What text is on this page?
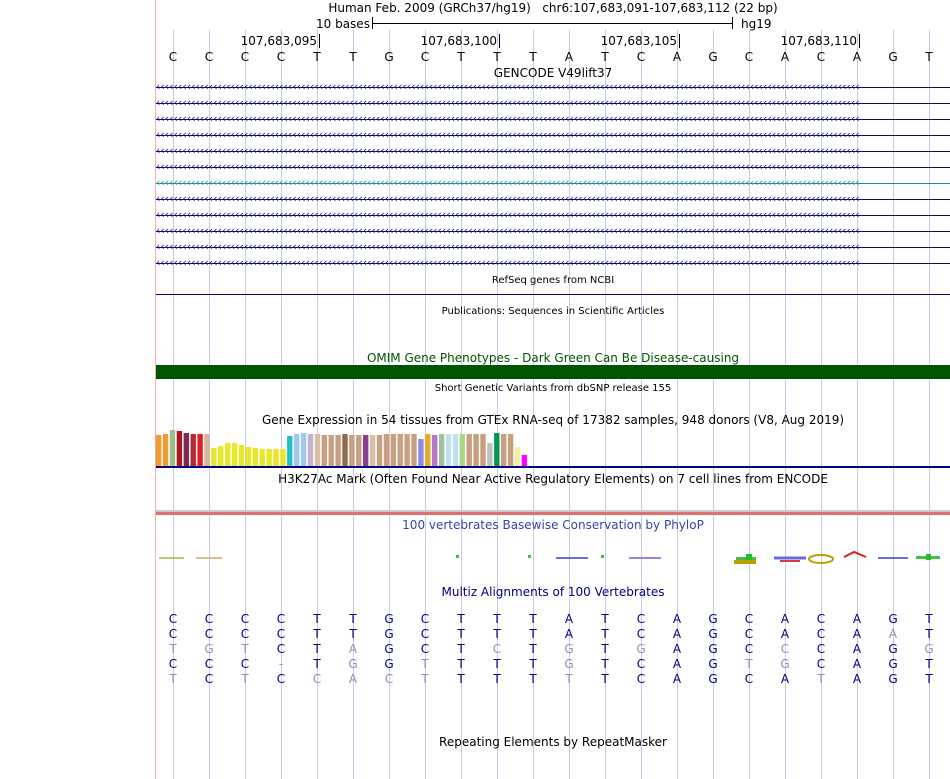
Human Feb. 2009 (GRCh37/hg19) chr6:107,683,091-107,683,112 (22 bp)
10 bases	hg19
107,683,095	107,683,100	107,683,105	107,683,110
C	C	C	C	T	T	G	C	T	T	T	A	T	C	A	G	C	A	C	A	G	T
GENCODE V49lift37
‹‹‹‹‹‹‹‹‹‹‹‹‹‹‹‹‹‹‹‹‹‹‹‹‹‹‹‹‹‹‹‹‹‹‹‹‹‹‹‹‹‹‹‹‹‹‹‹‹‹‹‹‹‹‹‹‹‹‹‹‹‹‹‹‹‹‹‹‹‹‹‹‹‹‹‹‹‹‹‹‹‹‹‹‹‹‹‹‹‹‹‹‹‹‹‹‹‹‹‹‹‹‹‹‹‹‹‹‹‹‹‹‹‹‹‹‹‹‹‹‹‹‹‹‹‹‹‹‹‹‹‹‹‹‹‹‹‹‹‹‹‹‹‹‹‹‹‹‹‹‹‹‹‹‹‹‹‹‹‹
‹‹‹‹‹‹‹‹‹‹‹‹‹‹‹‹‹‹‹‹‹‹‹‹‹‹‹‹‹‹‹‹‹‹‹‹‹‹‹‹‹‹‹‹‹‹‹‹‹‹‹‹‹‹‹‹‹‹‹‹‹‹‹‹‹‹‹‹‹‹‹‹‹‹‹‹‹‹‹‹‹‹‹‹‹‹‹‹‹‹‹‹‹‹‹‹‹‹‹‹‹‹‹‹‹‹‹‹‹‹‹‹‹‹‹‹‹‹‹‹‹‹‹‹‹‹‹‹‹‹‹‹‹‹‹‹‹‹‹‹‹‹‹‹‹‹‹‹‹‹‹‹‹‹‹‹‹‹‹‹
‹‹‹‹‹‹‹‹‹‹‹‹‹‹‹‹‹‹‹‹‹‹‹‹‹‹‹‹‹‹‹‹‹‹‹‹‹‹‹‹‹‹‹‹‹‹‹‹‹‹‹‹‹‹‹‹‹‹‹‹‹‹‹‹‹‹‹‹‹‹‹‹‹‹‹‹‹‹‹‹‹‹‹‹‹‹‹‹‹‹‹‹‹‹‹‹‹‹‹‹‹‹‹‹‹‹‹‹‹‹‹‹‹‹‹‹‹‹‹‹‹‹‹‹‹‹‹‹‹‹‹‹‹‹‹‹‹‹‹‹‹‹‹‹‹‹‹‹‹‹‹‹‹‹‹‹‹‹‹‹
‹‹‹‹‹‹‹‹‹‹‹‹‹‹‹‹‹‹‹‹‹‹‹‹‹‹‹‹‹‹‹‹‹‹‹‹‹‹‹‹‹‹‹‹‹‹‹‹‹‹‹‹‹‹‹‹‹‹‹‹‹‹‹‹‹‹‹‹‹‹‹‹‹‹‹‹‹‹‹‹‹‹‹‹‹‹‹‹‹‹‹‹‹‹‹‹‹‹‹‹‹‹‹‹‹‹‹‹‹‹‹‹‹‹‹‹‹‹‹‹‹‹‹‹‹‹‹‹‹‹‹‹‹‹‹‹‹‹‹‹‹‹‹‹‹‹‹‹‹‹‹‹‹‹‹‹‹‹‹‹
‹‹‹‹‹‹‹‹‹‹‹‹‹‹‹‹‹‹‹‹‹‹‹‹‹‹‹‹‹‹‹‹‹‹‹‹‹‹‹‹‹‹‹‹‹‹‹‹‹‹‹‹‹‹‹‹‹‹‹‹‹‹‹‹‹‹‹‹‹‹‹‹‹‹‹‹‹‹‹‹‹‹‹‹‹‹‹‹‹‹‹‹‹‹‹‹‹‹‹‹‹‹‹‹‹‹‹‹‹‹‹‹‹‹‹‹‹‹‹‹‹‹‹‹‹‹‹‹‹‹‹‹‹‹‹‹‹‹‹‹‹‹‹‹‹‹‹‹‹‹‹‹‹‹‹‹‹‹‹‹
‹‹‹‹‹‹‹‹‹‹‹‹‹‹‹‹‹‹‹‹‹‹‹‹‹‹‹‹‹‹‹‹‹‹‹‹‹‹‹‹‹‹‹‹‹‹‹‹‹‹‹‹‹‹‹‹‹‹‹‹‹‹‹‹‹‹‹‹‹‹‹‹‹‹‹‹‹‹‹‹‹‹‹‹‹‹‹‹‹‹‹‹‹‹‹‹‹‹‹‹‹‹‹‹‹‹‹‹‹‹‹‹‹‹‹‹‹‹‹‹‹‹‹‹‹‹‹‹‹‹‹‹‹‹‹‹‹‹‹‹‹‹‹‹‹‹‹‹‹‹‹‹‹‹‹‹‹‹‹‹
‹‹‹‹‹‹‹‹‹‹‹‹‹‹‹‹‹‹‹‹‹‹‹‹‹‹‹‹‹‹‹‹‹‹‹‹‹‹‹‹‹‹‹‹‹‹‹‹‹‹‹‹‹‹‹‹‹‹‹‹‹‹‹‹‹‹‹‹‹‹‹‹‹‹‹‹‹‹‹‹‹‹‹‹‹‹‹‹‹‹‹‹‹‹‹‹‹‹‹‹‹‹‹‹‹‹‹‹‹‹‹‹‹‹‹‹‹‹‹‹‹‹‹‹‹‹‹‹‹‹‹‹‹‹‹‹‹‹‹‹‹‹‹‹‹‹‹‹‹‹‹‹‹‹‹‹‹‹‹‹
‹‹‹‹‹‹‹‹‹‹‹‹‹‹‹‹‹‹‹‹‹‹‹‹‹‹‹‹‹‹‹‹‹‹‹‹‹‹‹‹‹‹‹‹‹‹‹‹‹‹‹‹‹‹‹‹‹‹‹‹‹‹‹‹‹‹‹‹‹‹‹‹‹‹‹‹‹‹‹‹‹‹‹‹‹‹‹‹‹‹‹‹‹‹‹‹‹‹‹‹‹‹‹‹‹‹‹‹‹‹‹‹‹‹‹‹‹‹‹‹‹‹‹‹‹‹‹‹‹‹‹‹‹‹‹‹‹‹‹‹‹‹‹‹‹‹‹‹‹‹‹‹‹‹‹‹‹‹‹‹
‹‹‹‹‹‹‹‹‹‹‹‹‹‹‹‹‹‹‹‹‹‹‹‹‹‹‹‹‹‹‹‹‹‹‹‹‹‹‹‹‹‹‹‹‹‹‹‹‹‹‹‹‹‹‹‹‹‹‹‹‹‹‹‹‹‹‹‹‹‹‹‹‹‹‹‹‹‹‹‹‹‹‹‹‹‹‹‹‹‹‹‹‹‹‹‹‹‹‹‹‹‹‹‹‹‹‹‹‹‹‹‹‹‹‹‹‹‹‹‹‹‹‹‹‹‹‹‹‹‹‹‹‹‹‹‹‹‹‹‹‹‹‹‹‹‹‹‹‹‹‹‹‹‹‹‹‹‹‹‹
‹‹‹‹‹‹‹‹‹‹‹‹‹‹‹‹‹‹‹‹‹‹‹‹‹‹‹‹‹‹‹‹‹‹‹‹‹‹‹‹‹‹‹‹‹‹‹‹‹‹‹‹‹‹‹‹‹‹‹‹‹‹‹‹‹‹‹‹‹‹‹‹‹‹‹‹‹‹‹‹‹‹‹‹‹‹‹‹‹‹‹‹‹‹‹‹‹‹‹‹‹‹‹‹‹‹‹‹‹‹‹‹‹‹‹‹‹‹‹‹‹‹‹‹‹‹‹‹‹‹‹‹‹‹‹‹‹‹‹‹‹‹‹‹‹‹‹‹‹‹‹‹‹‹‹‹‹‹‹‹
‹‹‹‹‹‹‹‹‹‹‹‹‹‹‹‹‹‹‹‹‹‹‹‹‹‹‹‹‹‹‹‹‹‹‹‹‹‹‹‹‹‹‹‹‹‹‹‹‹‹‹‹‹‹‹‹‹‹‹‹‹‹‹‹‹‹‹‹‹‹‹‹‹‹‹‹‹‹‹‹‹‹‹‹‹‹‹‹‹‹‹‹‹‹‹‹‹‹‹‹‹‹‹‹‹‹‹‹‹‹‹‹‹‹‹‹‹‹‹‹‹‹‹‹‹‹‹‹‹‹‹‹‹‹‹‹‹‹‹‹‹‹‹‹‹‹‹‹‹‹‹‹‹‹‹‹‹‹‹‹
‹‹‹‹‹‹‹‹‹‹‹‹‹‹‹‹‹‹‹‹‹‹‹‹‹‹‹‹‹‹‹‹‹‹‹‹‹‹‹‹‹‹‹‹‹‹‹‹‹‹‹‹‹‹‹‹‹‹‹‹‹‹‹‹‹‹‹‹‹‹‹‹‹‹‹‹‹‹‹‹‹‹‹‹‹‹‹‹‹‹‹‹‹‹‹‹‹‹‹‹‹‹‹‹‹‹‹‹‹‹‹‹‹‹‹‹‹‹‹‹‹‹‹‹‹‹‹‹‹‹‹‹‹‹‹‹‹‹‹‹‹‹‹‹‹‹‹‹‹‹‹‹‹‹‹‹‹‹‹‹
RefSeq genes from NCBI
Publications: Sequences in Scientific Articles
OMIM Gene Phenotypes - Dark Green Can Be Disease-causing
Short Genetic Variants from dbSNP release 155
Gene Expression in 54 tissues from GTEx RNA-seq of 17382 samples, 948 donors (V8, Aug 2019)
H3K27Ac Mark (Often Found Near Active Regulatory Elements) on 7 cell lines from ENCODE
100 vertebrates Basewise Conservation by PhyloP
Multiz Alignments of 100 Vertebrates
C	C	C	C	T	T	G	C	T	T	T	A	T	C	A	G	C	A	C	A	G	T
C	C	C	C	T	T	G	C	T	T	T	A	T	C	A	G	C	A	C	A	A	T
T	G	T	C	T	A	G	C	T	C	T	G	T	G	A	G	C	C	C	A	G	G
C	C	C	-	T	G	G	T	T	T	T	G	T	C	A	G	T	G	C	A	G	T
T	C	T	C	C	A	C	T	T	T	T	T	T	C	A	G	C	A	T	A	G	T
Repeating Elements by RepeatMasker
